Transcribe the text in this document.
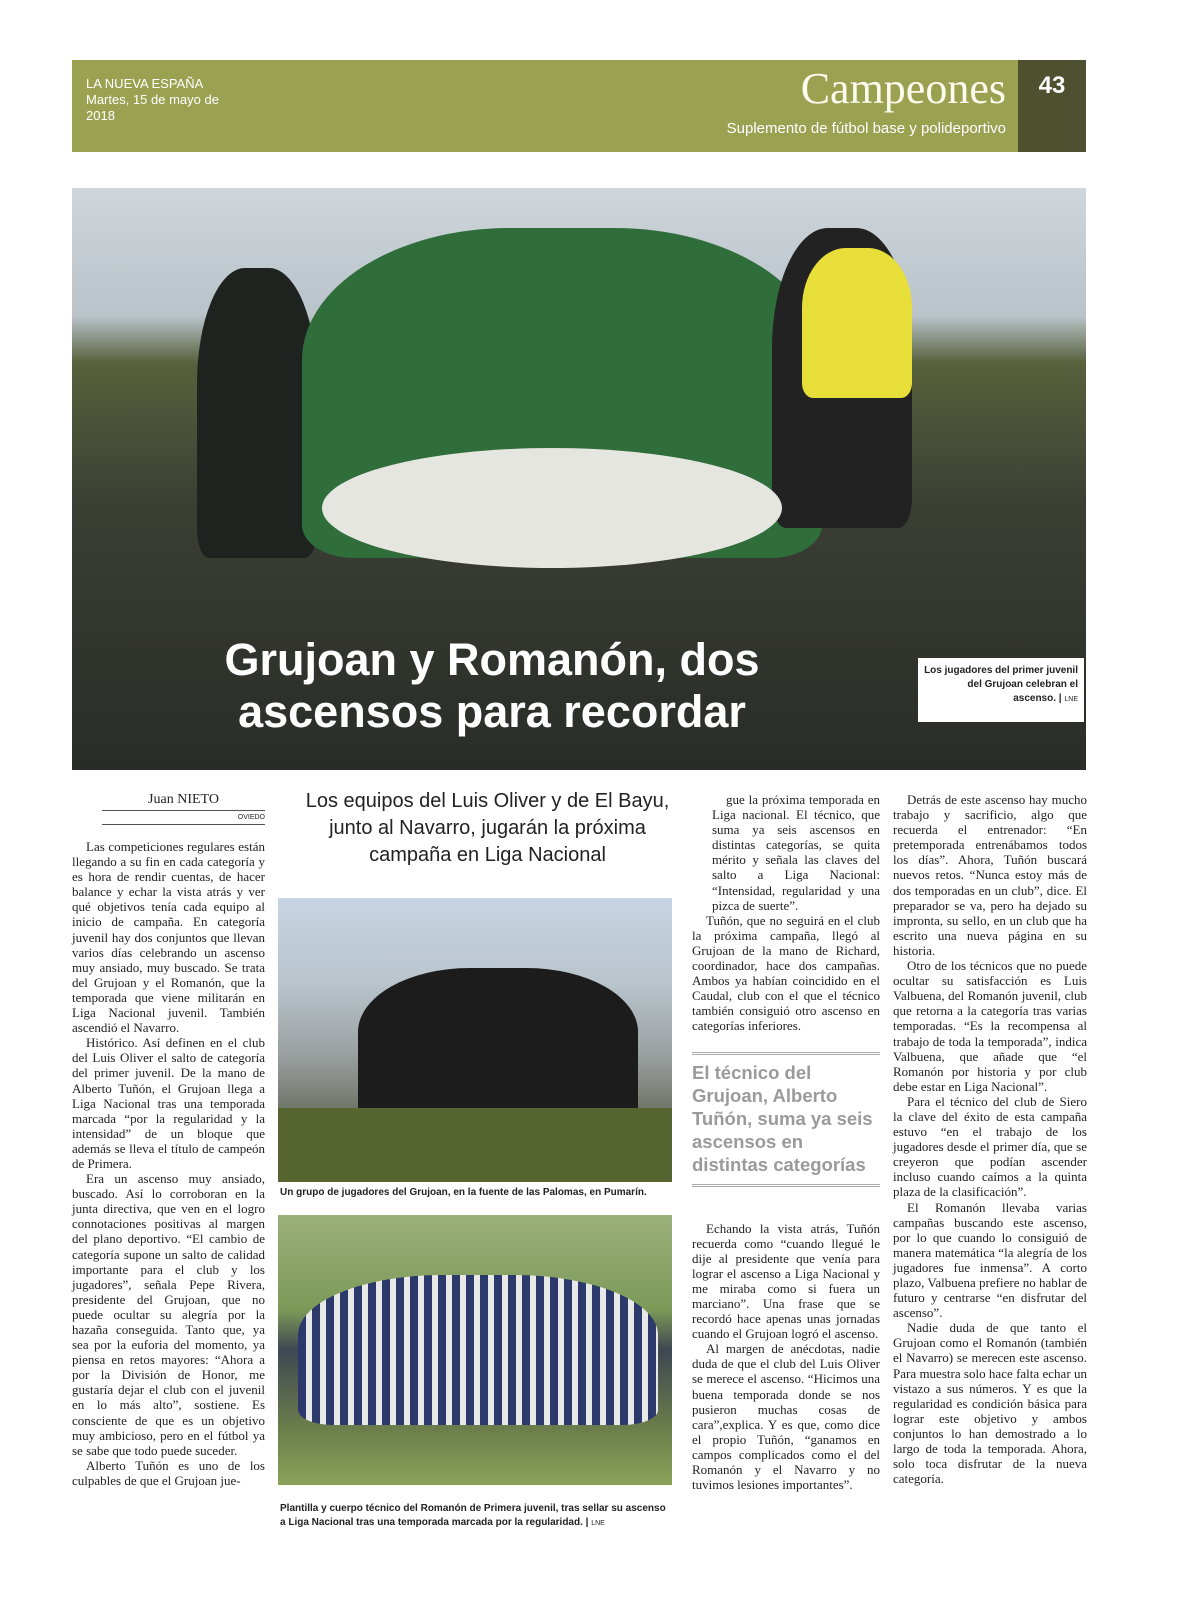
LA NUEVA ESPAÑA
Martes, 15 de mayo de 2018
Campeones
Suplemento de fútbol base y polideportivo
43
Grujoan y Romanón, dos ascensos para recordar
Los jugadores del primer juvenil del Grujoan celebran el ascenso. | LNE
Juan NIETO
OVIEDO

Las competiciones regulares están llegando a su fin en cada categoría y es hora de rendir cuentas, de hacer balance y echar la vista atrás y ver qué objetivos tenía cada equipo al inicio de campaña. En categoría juvenil hay dos conjuntos que llevan varios días celebrando un ascenso muy ansiado, muy buscado. Se trata del Grujoan y el Romanón, que la temporada que viene militarán en Liga Nacional juvenil. También ascendió el Navarro.

Histórico. Así definen en el club del Luis Oliver el salto de categoría del primer juvenil. De la mano de Alberto Tuñón, el Grujoan llega a Liga Nacional tras una temporada marcada “por la regularidad y la intensidad” de un bloque que además se lleva el título de campeón de Primera.

Era un ascenso muy ansiado, buscado. Así lo corroboran en la junta directiva, que ven en el logro connotaciones positivas al margen del plano deportivo. “El cambio de categoría supone un salto de calidad importante para el club y los jugadores”, señala Pepe Rivera, presidente del Grujoan, que no puede ocultar su alegría por la hazaña conseguida. Tanto que, ya sea por la euforia del momento, ya piensa en retos mayores: “Ahora a por la División de Honor, me gustaría dejar el club con el juvenil en lo más alto”, sostiene. Es consciente de que es un objetivo muy ambicioso, pero en el fútbol ya se sabe que todo puede suceder.

Alberto Tuñón es uno de los culpables de que el Grujoan jue-

Los equipos del Luis Oliver y de El Bayu, junto al Navarro, jugarán la próxima campaña en Liga Nacional
Un grupo de jugadores del Grujoan, en la fuente de las Palomas, en Pumarín.
Plantilla y cuerpo técnico del Romanón de Primera juvenil, tras sellar su ascenso a Liga Nacional tras una temporada marcada por la regularidad. | LNE

gue la próxima temporada en Liga nacional. El técnico, que suma ya seis ascensos en distintas categorías, se quita mérito y señala las claves del salto a Liga Nacional: “Intensidad, regularidad y una pizca de suerte”.

Tuñón, que no seguirá en el club la próxima campaña, llegó al Grujoan de la mano de Richard, coordinador, hace dos campañas. Ambos ya habían coincidido en el Caudal, club con el que el técnico también consiguió otro ascenso en categorías inferiores.

El técnico del Grujoan, Alberto Tuñón, suma ya seis ascensos en distintas categorías

Echando la vista atrás, Tuñón recuerda como “cuando llegué le dije al presidente que venía para lograr el ascenso a Liga Nacional y me miraba como si fuera un marciano”. Una frase que se recordó hace apenas unas jornadas cuando el Grujoan logró el ascenso.

Al margen de anécdotas, nadie duda de que el club del Luis Oliver se merece el ascenso. “Hicimos una buena temporada donde se nos pusieron muchas cosas de cara”,explica. Y es que, como dice el propio Tuñón, “ganamos en campos complicados como el del Romanón y el Navarro y no tuvimos lesiones importantes”.

Detrás de este ascenso hay mucho trabajo y sacrificio, algo que recuerda el entrenador: “En pretemporada entrenábamos todos los días”. Ahora, Tuñón buscará nuevos retos. “Nunca estoy más de dos temporadas en un club”, dice. El preparador se va, pero ha dejado su impronta, su sello, en un club que ha escrito una nueva página en su historia.

Otro de los técnicos que no puede ocultar su satisfacción es Luis Valbuena, del Romanón juvenil, club que retorna a la categoría tras varias temporadas. “Es la recompensa al trabajo de toda la temporada”, indica Valbuena, que añade que “el Romanón por historia y por club debe estar en Liga Nacional”.

Para el técnico del club de Siero la clave del éxito de esta campaña estuvo “en el trabajo de los jugadores desde el primer día, que se creyeron que podían ascender incluso cuando caímos a la quinta plaza de la clasificación”.

El Romanón llevaba varias campañas buscando este ascenso, por lo que cuando lo consiguió de manera matemática “la alegría de los jugadores fue inmensa”. A corto plazo, Valbuena prefiere no hablar de futuro y centrarse “en disfrutar del ascenso”.

Nadie duda de que tanto el Grujoan como el Romanón (también el Navarro) se merecen este ascenso. Para muestra solo hace falta echar un vistazo a sus números. Y es que la regularidad es condición básica para lograr este objetivo y ambos conjuntos lo han demostrado a lo largo de toda la temporada. Ahora, solo toca disfrutar de la nueva categoría.
